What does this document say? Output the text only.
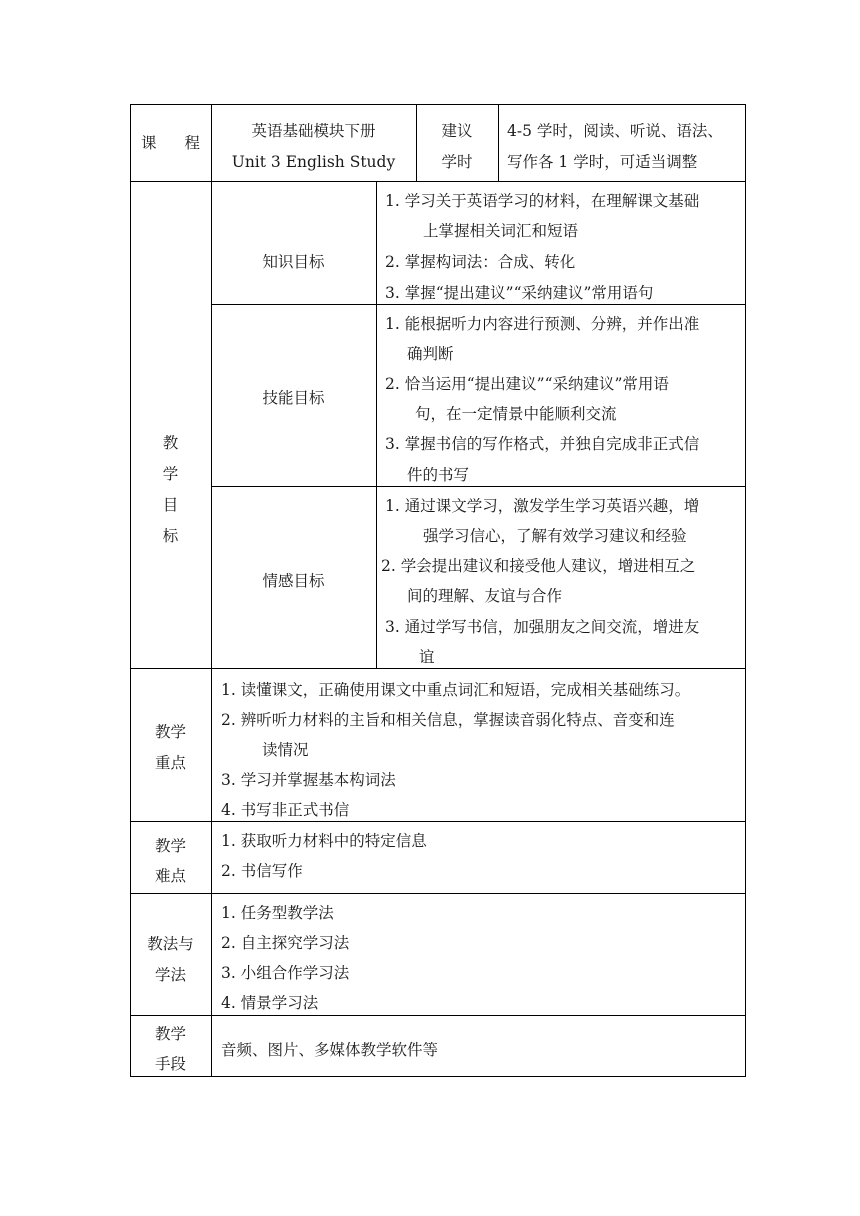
课程
英语基础模块下册
Unit 3 English Study
建议
学时
4-5 学时，阅读、听说、语法、
写作各 1 学时，可适当调整
教
学
目
标
知识目标
1. 学习关于英语学习的材料，在理解课文基础
上掌握相关词汇和短语
2. 掌握构词法：合成、转化
3. 掌握“提出建议”“采纳建议”常用语句
技能目标
1. 能根据听力内容进行预测、分辨，并作出准
确判断
2. 恰当运用“提出建议”“采纳建议”常用语
句，在一定情景中能顺利交流
3. 掌握书信的写作格式，并独自完成非正式信
件的书写
情感目标
1. 通过课文学习，激发学生学习英语兴趣，增
强学习信心，了解有效学习建议和经验
2. 学会提出建议和接受他人建议，增进相互之
间的理解、友谊与合作
3. 通过学写书信，加强朋友之间交流，增进友
谊
教学
重点
1. 读懂课文，正确使用课文中重点词汇和短语，完成相关基础练习。
2. 辨听听力材料的主旨和相关信息，掌握读音弱化特点、音变和连
读情况
3. 学习并掌握基本构词法
4. 书写非正式书信
教学
难点
1. 获取听力材料中的特定信息
2. 书信写作
教法与
学法
1. 任务型教学法
2. 自主探究学习法
3. 小组合作学习法
4. 情景学习法
教学
手段
音频、图片、多媒体教学软件等
